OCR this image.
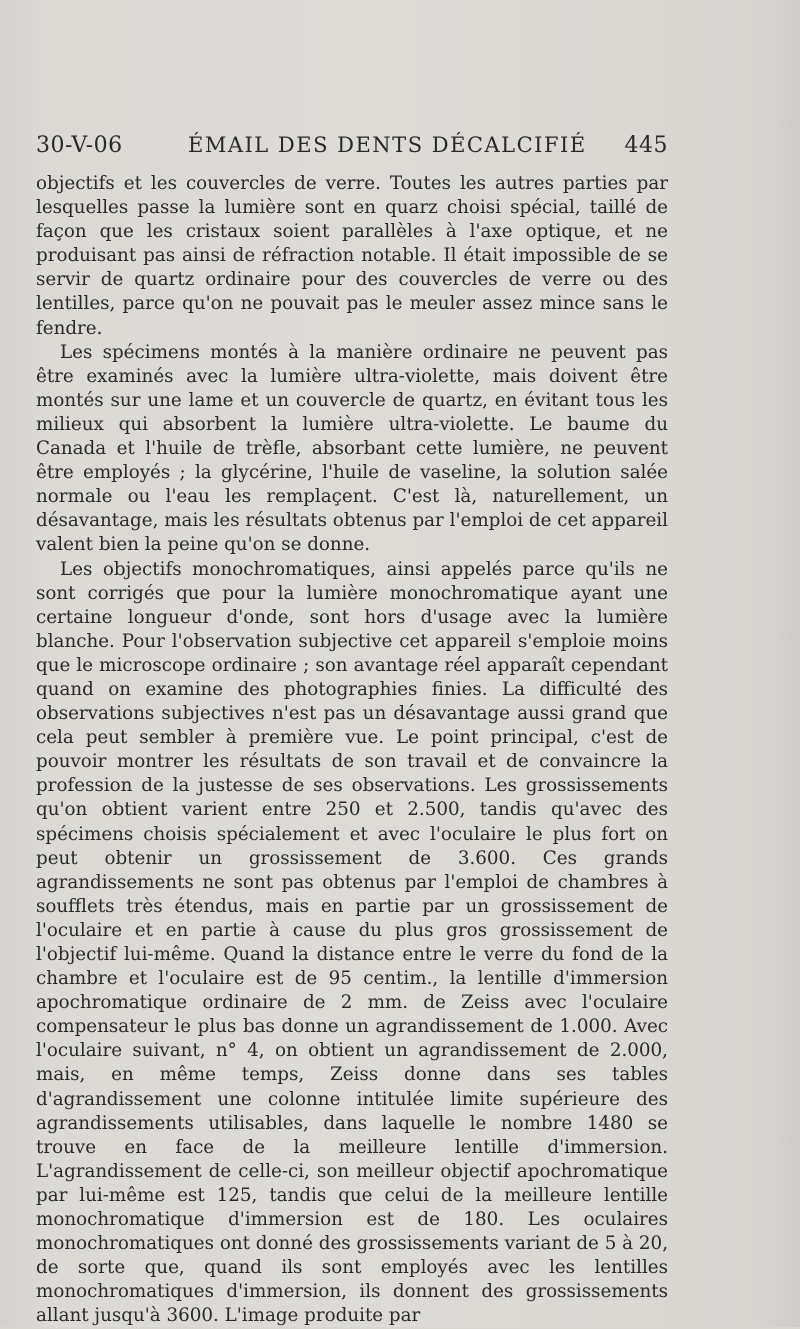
30-V-06	ÉMAIL DES DENTS DÉCALCIFIÉ 445

objectifs et les couvercles de verre. Toutes les autres parties par lesquelles passe la lumière sont en quarz choisi spécial, taillé de façon que les cristaux soient parallèles à l'axe optique, et ne produisant pas ainsi de réfraction notable. Il était impossible de se servir de quartz ordinaire pour des couvercles de verre ou des lentilles, parce qu'on ne pouvait pas le meuler assez mince sans le fendre.

Les spécimens montés à la manière ordinaire ne peuvent pas être examinés avec la lumière ultra-violette, mais doivent être montés sur une lame et un couvercle de quartz, en évitant tous les milieux qui absorbent la lumière ultra-violette. Le baume du Canada et l'huile de trèfle, absorbant cette lumière, ne peuvent être employés ; la glycérine, l'huile de vaseline, la solution salée normale ou l'eau les remplaçent. C'est là, naturellement, un désavantage, mais les résultats obtenus par l'emploi de cet appareil valent bien la peine qu'on se donne.

Les objectifs monochromatiques, ainsi appelés parce qu'ils ne sont corrigés que pour la lumière monochromatique ayant une certaine longueur d'onde, sont hors d'usage avec la lumière blanche. Pour l'observation subjective cet appareil s'emploie moins que le microscope ordinaire ; son avantage réel apparaît cependant quand on examine des photographies finies. La difficulté des observations subjectives n'est pas un désavantage aussi grand que cela peut sembler à première vue. Le point principal, c'est de pouvoir montrer les résultats de son travail et de convaincre la profession de la justesse de ses observations. Les grossissements qu'on obtient varient entre 250 et 2.500, tandis qu'avec des spécimens choisis spécialement et avec l'oculaire le plus fort on peut obtenir un grossissement de 3.600. Ces grands agrandissements ne sont pas obtenus par l'emploi de chambres à soufflets très étendus, mais en partie par un grossissement de l'oculaire et en partie à cause du plus gros grossissement de l'objectif lui-même. Quand la distance entre le verre du fond de la chambre et l'oculaire est de 95 centim., la lentille d'immersion apochromatique ordinaire de 2 mm. de Zeiss avec l'oculaire compensateur le plus bas donne un agrandissement de 1.000. Avec l'oculaire suivant, n° 4, on obtient un agrandissement de 2.000, mais, en même temps, Zeiss donne dans ses tables d'agrandissement une colonne intitulée limite supérieure des agrandissements utilisables, dans laquelle le nombre 1480 se trouve en face de la meilleure lentille d'immersion. L'agrandissement de celle-ci, son meilleur objectif apochromatique par lui-même est 125, tandis que celui de la meilleure lentille monochromatique d'immersion est de 180. Les oculaires monochromatiques ont donné des grossissements variant de 5 à 20, de sorte que, quand ils sont employés avec les lentilles monochromatiques d'immersion, ils donnent des grossissements allant jusqu'à 3600. L'image produite par
